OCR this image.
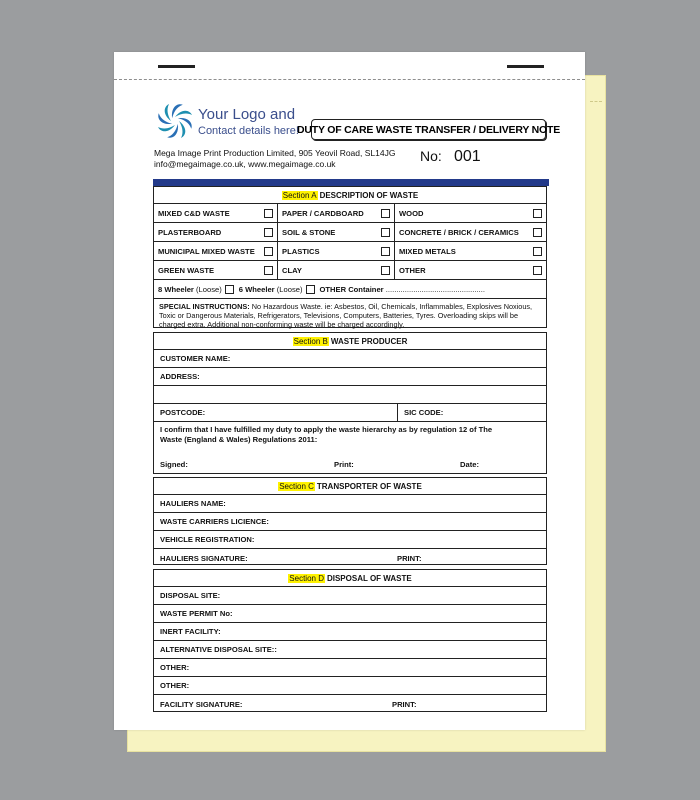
Your Logo and
Contact details here!
DUTY OF CARE WASTE TRANSFER / DELIVERY NOTE
Mega Image Print Production Limited, 905 Yeovil Road, SL14JG
info@megaimage.co.uk, www.megaimage.co.uk	No: 001
Section A DESCRIPTION OF WASTE
MIXED C&D WASTE	PAPER / CARDBOARD	WOOD
PLASTERBOARD	SOIL & STONE	CONCRETE / BRICK / CERAMICS
MUNICIPAL MIXED WASTE	PLASTICS	MIXED METALS
GREEN WASTE	CLAY	OTHER
8 Wheeler
(Loose) 6 Wheeler
(Loose) OTHER Container
...............................................
SPECIAL INSTRUCTIONS: No Hazardous Waste. ie: Asbestos, Oil, Chemicals, Inflammables, Explosives Noxious, Toxic or Dangerous Materials, Refrigerators, Televisions, Computers, Batteries, Tyres. Overloading skips will be charged extra. Additional non-conforming waste will be charged accordingly.
Section B WASTE PRODUCER
CUSTOMER NAME:
ADDRESS:
POSTCODE:	SIC CODE:
I confirm that I have fulfilled my duty to apply the waste hierarchy as by regulation 12 of The Waste (England & Wales) Regulations 2011:
Signed:	Print:	Date:
Section C TRANSPORTER OF WASTE
HAULIERS NAME:
WASTE CARRIERS LICIENCE:
VEHICLE REGISTRATION:
HAULIERS SIGNATURE:	PRINT:
Section D DISPOSAL OF WASTE
DISPOSAL SITE:
WASTE PERMIT No:
INERT FACILITY:
ALTERNATIVE DISPOSAL SITE::
OTHER:
OTHER:
FACILITY SIGNATURE:	PRINT:
